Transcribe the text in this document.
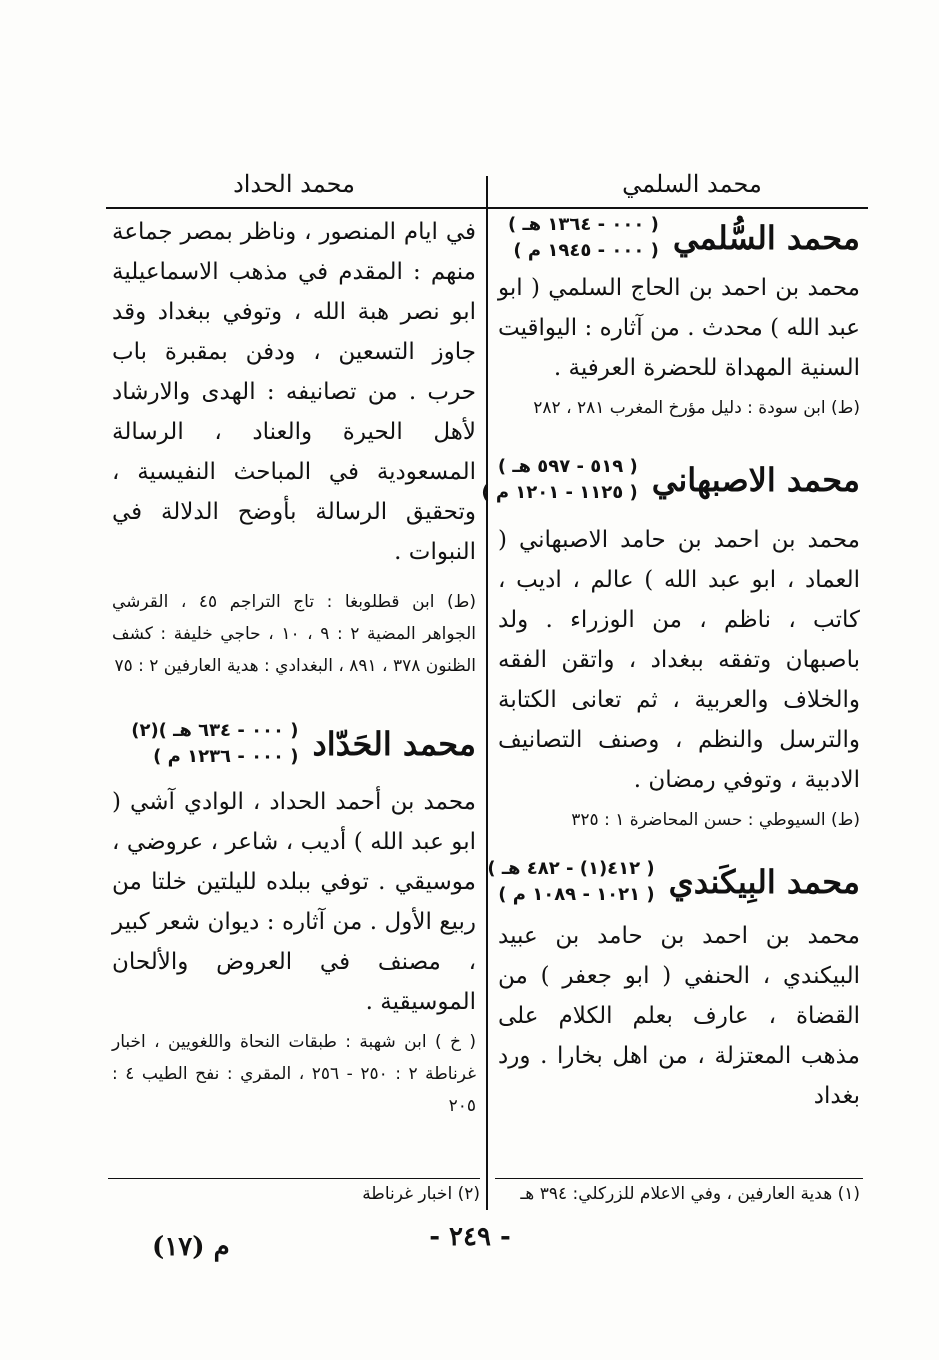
محمد السلمي
محمد الحداد
محمد السُّلمي
( ٠٠٠ - ١٣٦٤ هـ )
( ٠٠٠ - ١٩٤٥ م )

محمد بن احمد بن الحاج السلمي ( ابو عبد الله ) محدث . من آثاره : اليواقيت السنية المهداة للحضرة العرفية .

(ط) ابن سودة : دليل مؤرخ المغرب ٢٨١ ، ٢٨٢

محمد الاصبهاني
( ٥١٩ - ٥٩٧ هـ )
( ١١٢٥ - ١٢٠١ م )

محمد بن احمد بن حامد الاصبهاني ( العماد ، ابو عبد الله ) عالم ، اديب ، كاتب ، ناظم ، من الوزراء . ولد باصبهان وتفقه ببغداد ، واتقن الفقه والخلاف والعربية ، ثم تعانى الكتابة والترسل والنظم ، وصنف التصانيف الادبية ، وتوفي رمضان .

(ط) السيوطي : حسن المحاضرة ١ : ٣٢٥

محمد البِيكَندي
( ٤١٢(١) - ٤٨٢ هـ )
( ١٠٢١ - ١٠٨٩ م )

محمد بن احمد بن حامد بن عبيد البيكندي ، الحنفي ( ابو جعفر ) من القضاة ، عارف بعلم الكلام على مذهب المعتزلة ، من اهل بخارا . ورد بغداد

في ايام المنصور ، وناظر بمصر جماعة منهم : المقدم في مذهب الاسماعيلية ابو نصر هبة الله ، وتوفي ببغداد وقد جاوز التسعين ، ودفن بمقبرة باب حرب . من تصانيفه : الهدى والارشاد لأهل الحيرة والعناد ، الرسالة المسعودية في المباحث النفيسية ، وتحقيق الرسالة بأوضح الدلالة في النبوات .

(ط) ابن قطلوبغا : تاج التراجم ٤٥ ، القرشي الجواهر المضية ٢ : ٩ ، ١٠ ، حاجي خليفة : كشف الظنون ٣٧٨ ، ٨٩١ ، البغدادي : هدية العارفين ٢ : ٧٥

محمد الحَدّاد
( ٠٠٠ - ٦٣٤ هـ )(٢)
( ٠٠٠ - ١٢٣٦ م )

محمد بن أحمد الحداد ، الوادي آشي ( ابو عبد الله ) أديب ، شاعر ، عروضي ، موسيقي . توفي ببلده لليلتين خلتا من ربيع الأول . من آثاره : ديوان شعر كبير ، مصنف في العروض والألحان الموسيقية .

( خ ) ابن شهبة : طبقات النحاة واللغويين ، اخبار غرناطة ٢ : ٢٥٠ - ٢٥٦ ، المقري : نفح الطيب ٤ : ٢٠٥

(١) هدية العارفين ، وفي الاعلام للزركلي: ٣٩٤ هـ
(٢) اخبار غرناطة
- ٢٤٩ -
م (١٧)
